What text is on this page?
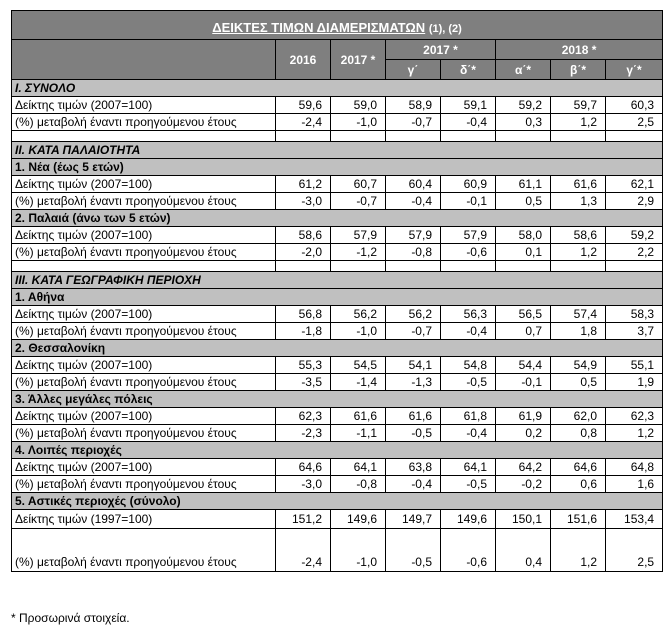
ΔΕΙΚΤΕΣ ΤΙΜΩΝ ΔΙΑΜΕΡΙΣΜΑΤΩΝ (1), (2)							
	2016	2017 *	2017 *		2018 *		
			γ΄	δ΄*	α΄*	β΄*	γ΄*
Ι. ΣΥΝΟΛΟ							
Δείκτης τιμών (2007=100)	59,6	59,0	58,9	59,1	59,2	59,7	60,3
(%) μεταβολή έναντι προηγούμενου έτους	-2,4	-1,0	-0,7	-0,4	0,3	1,2	2,5

ΙΙ. ΚΑΤΑ ΠΑΛΑΙΟΤΗΤΑ							
1. Νέα (έως 5 ετών)							
Δείκτης τιμών (2007=100)	61,2	60,7	60,4	60,9	61,1	61,6	62,1
(%) μεταβολή έναντι προηγούμενου έτους	-3,0	-0,7	-0,4	-0,1	0,5	1,3	2,9
2. Παλαιά (άνω των 5 ετών)							
Δείκτης τιμών (2007=100)	58,6	57,9	57,9	57,9	58,0	58,6	59,2
(%) μεταβολή έναντι προηγούμενου έτους	-2,0	-1,2	-0,8	-0,6	0,1	1,2	2,2

ΙΙΙ. ΚΑΤΑ ΓΕΩΓΡΑΦΙΚΗ ΠΕΡΙΟΧΗ							
1. Αθήνα							
Δείκτης τιμών (2007=100)	56,8	56,2	56,2	56,3	56,5	57,4	58,3
(%) μεταβολή έναντι προηγούμενου έτους	-1,8	-1,0	-0,7	-0,4	0,7	1,8	3,7
2. Θεσσαλονίκη							
Δείκτης τιμών (2007=100)	55,3	54,5	54,1	54,8	54,4	54,9	55,1
(%) μεταβολή έναντι προηγούμενου έτους	-3,5	-1,4	-1,3	-0,5	-0,1	0,5	1,9
3. Άλλες μεγάλες πόλεις							
Δείκτης τιμών (2007=100)	62,3	61,6	61,6	61,8	61,9	62,0	62,3
(%) μεταβολή έναντι προηγούμενου έτους	-2,3	-1,1	-0,5	-0,4	0,2	0,8	1,2
4. Λοιπές περιοχές							
Δείκτης τιμών (2007=100)	64,6	64,1	63,8	64,1	64,2	64,6	64,8
(%) μεταβολή έναντι προηγούμενου έτους	-3,0	-0,8	-0,4	-0,5	-0,2	0,6	1,6
5. Αστικές περιοχές (σύνολο)							
Δείκτης τιμών (1997=100)	151,2	149,6	149,7	149,6	150,1	151,6	153,4
(%) μεταβολή έναντι προηγούμενου έτους	-2,4	-1,0	-0,5	-0,6	0,4	1,2	2,5
* Προσωρινά στοιχεία.
